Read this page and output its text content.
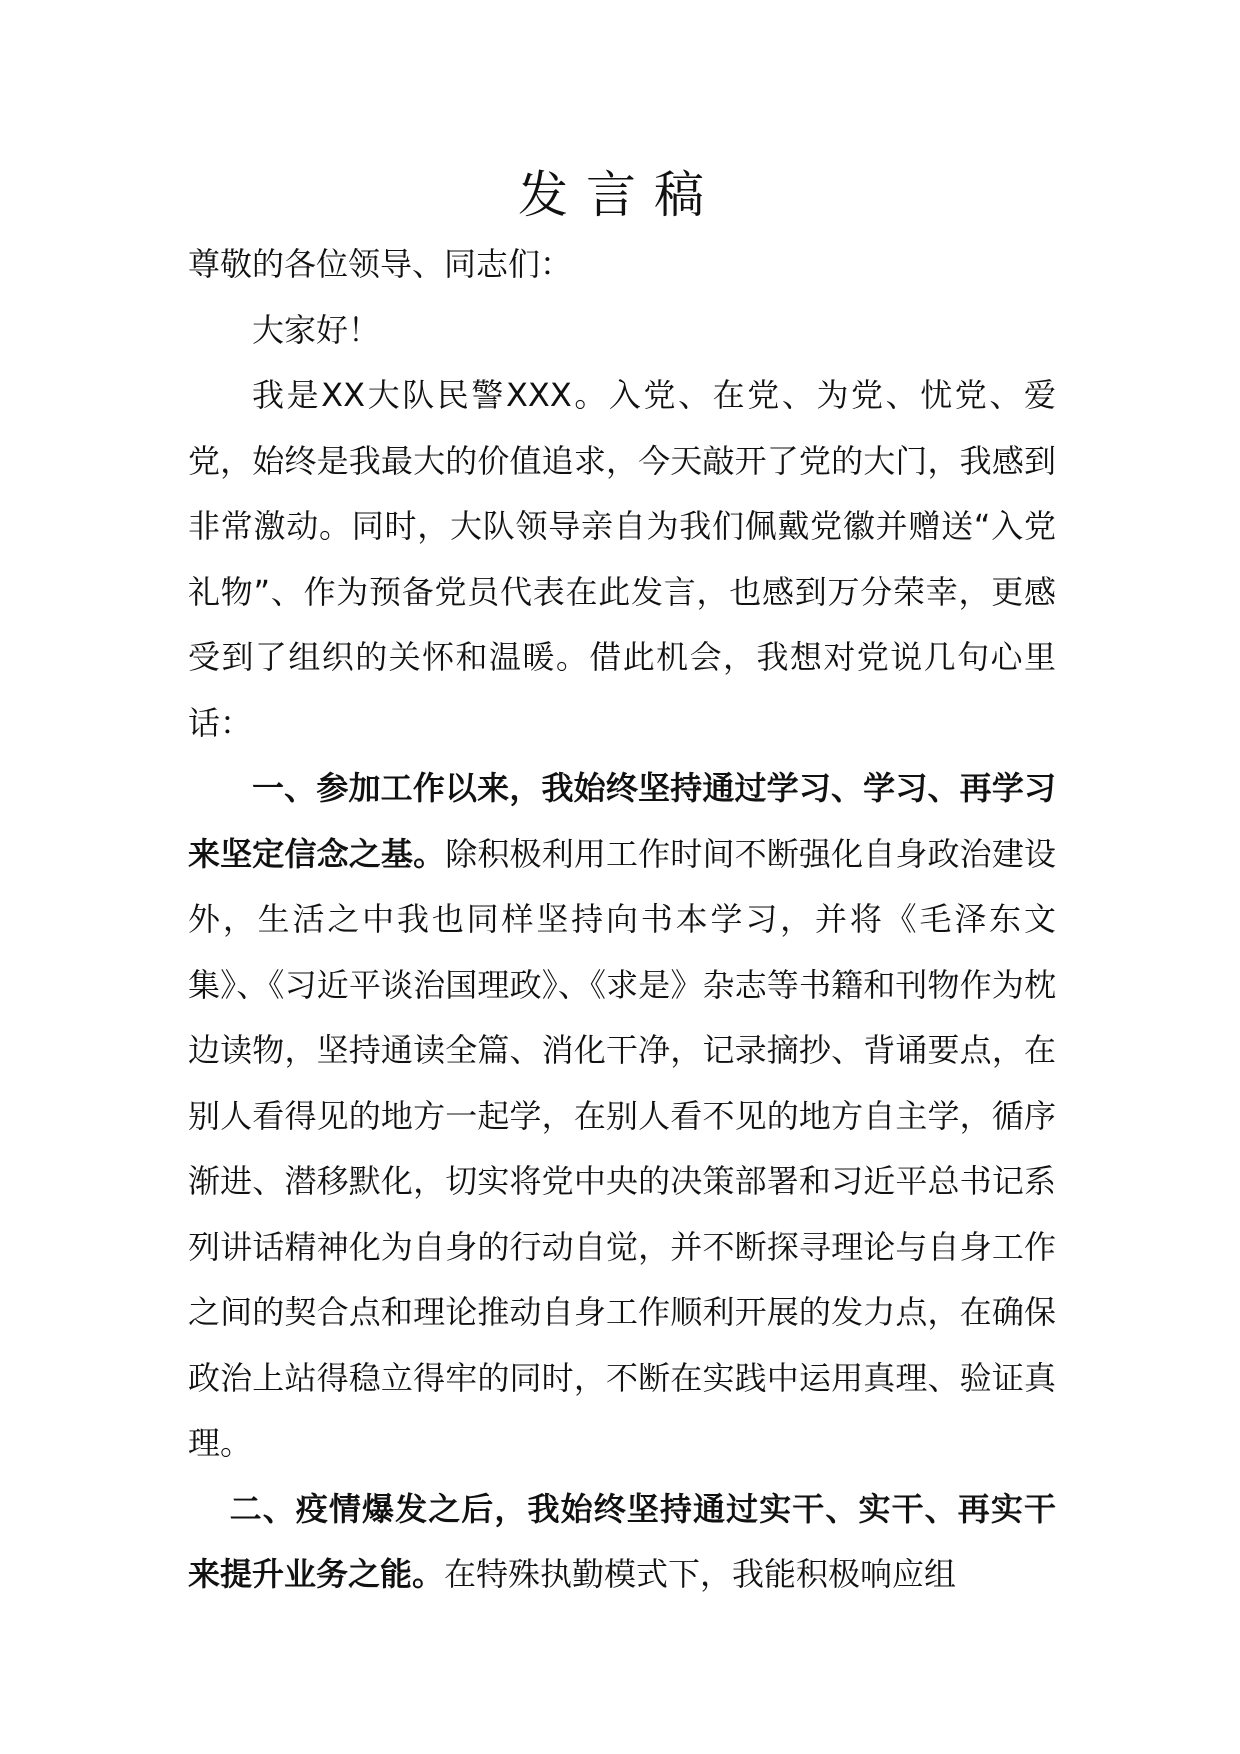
发言稿

尊敬的各位领导、同志们：

大家好！

我是XX大队民警XXX。入党、在党、为党、忧党、爱党，始终是我最大的价值追求，今天敲开了党的大门，我感到非常激动。同时，大队领导亲自为我们佩戴党徽并赠送“入党礼物”、作为预备党员代表在此发言，也感到万分荣幸，更感受到了组织的关怀和温暖。借此机会，我想对党说几句心里话：

一、参加工作以来，我始终坚持通过学习、学习、再学习来坚定信念之基。除积极利用工作时间不断强化自身政治建设外，生活之中我也同样坚持向书本学习，并将《毛泽东文集》、《习近平谈治国理政》、《求是》杂志等书籍和刊物作为枕边读物，坚持通读全篇、消化干净，记录摘抄、背诵要点，在别人看得见的地方一起学，在别人看不见的地方自主学，循序渐进、潜移默化，切实将党中央的决策部署和习近平总书记系列讲话精神化为自身的行动自觉，并不断探寻理论与自身工作之间的契合点和理论推动自身工作顺利开展的发力点，在确保政治上站得稳立得牢的同时，不断在实践中运用真理、验证真理。

二、疫情爆发之后，我始终坚持通过实干、实干、再实干来提升业务之能。在特殊执勤模式下，我能积极响应组
